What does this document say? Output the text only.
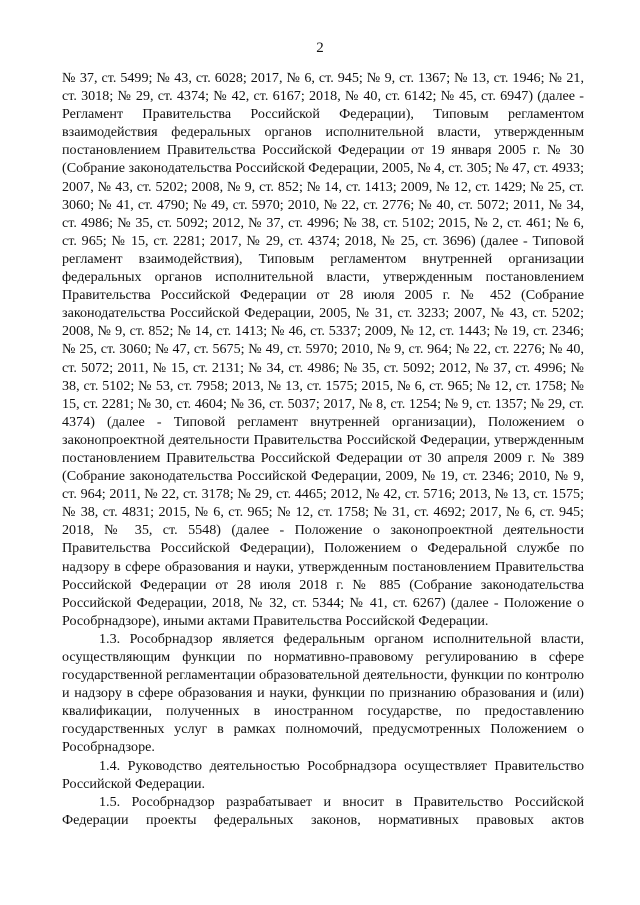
2

№ 37, ст. 5499; № 43, ст. 6028; 2017, № 6, ст. 945; № 9, ст. 1367; № 13, ст. 1946; № 21, ст. 3018; № 29, ст. 4374; № 42, ст. 6167; 2018, № 40, ст. 6142; № 45, ст. 6947) (далее - Регламент Правительства Российской Федерации), Типовым регламентом взаимодействия федеральных органов исполнительной власти, утвержденным постановлением Правительства Российской Федерации от 19 января 2005 г. № 30 (Собрание законодательства Российской Федерации, 2005, № 4, ст. 305; № 47, ст. 4933; 2007, № 43, ст. 5202; 2008, № 9, ст. 852; № 14, ст. 1413; 2009, № 12, ст. 1429; № 25, ст. 3060; № 41, ст. 4790; № 49, ст. 5970; 2010, № 22, ст. 2776; № 40, ст. 5072; 2011, № 34, ст. 4986; № 35, ст. 5092; 2012, № 37, ст. 4996; № 38, ст. 5102; 2015, № 2, ст. 461; № 6, ст. 965; № 15, ст. 2281; 2017, № 29, ст. 4374; 2018, № 25, ст. 3696) (далее - Типовой регламент взаимодействия), Типовым регламентом внутренней организации федеральных органов исполнительной власти, утвержденным постановлением Правительства Российской Федерации от 28 июля 2005 г. № 452 (Собрание законодательства Российской Федерации, 2005, № 31, ст. 3233; 2007, № 43, ст. 5202; 2008, № 9, ст. 852; № 14, ст. 1413; № 46, ст. 5337; 2009, № 12, ст. 1443; № 19, ст. 2346; № 25, ст. 3060; № 47, ст. 5675; № 49, ст. 5970; 2010, № 9, ст. 964; № 22, ст. 2276; № 40, ст. 5072; 2011, № 15, ст. 2131; № 34, ст. 4986; № 35, ст. 5092; 2012, № 37, ст. 4996; № 38, ст. 5102; № 53, ст. 7958; 2013, № 13, ст. 1575; 2015, № 6, ст. 965; № 12, ст. 1758; № 15, ст. 2281; № 30, ст. 4604; № 36, ст. 5037; 2017, № 8, ст. 1254; № 9, ст. 1357; № 29, ст. 4374) (далее - Типовой регламент внутренней организации), Положением о законопроектной деятельности Правительства Российской Федерации, утвержденным постановлением Правительства Российской Федерации от 30 апреля 2009 г. № 389 (Собрание законодательства Российской Федерации, 2009, № 19, ст. 2346; 2010, № 9, ст. 964; 2011, № 22, ст. 3178; № 29, ст. 4465; 2012, № 42, ст. 5716; 2013, № 13, ст. 1575; № 38, ст. 4831; 2015, № 6, ст. 965; № 12, ст. 1758; № 31, ст. 4692; 2017, № 6, ст. 945; 2018, № 35, ст. 5548) (далее - Положение о законопроектной деятельности Правительства Российской Федерации), Положением о Федеральной службе по надзору в сфере образования и науки, утвержденным постановлением Правительства Российской Федерации от 28 июля 2018 г. № 885 (Собрание законодательства Российской Федерации, 2018, № 32, ст. 5344; № 41, ст. 6267) (далее - Положение о Рособрнадзоре), иными актами Правительства Российской Федерации.

1.3. Рособрнадзор является федеральным органом исполнительной власти, осуществляющим функции по нормативно-правовому регулированию в сфере государственной регламентации образовательной деятельности, функции по контролю и надзору в сфере образования и науки, функции по признанию образования и (или) квалификации, полученных в иностранном государстве, по предоставлению государственных услуг в рамках полномочий, предусмотренных Положением о Рособрнадзоре.

1.4. Руководство деятельностью Рособрнадзора осуществляет Правительство Российской Федерации.

1.5. Рособрнадзор разрабатывает и вносит в Правительство Российской Федерации проекты федеральных законов, нормативных правовых актов
